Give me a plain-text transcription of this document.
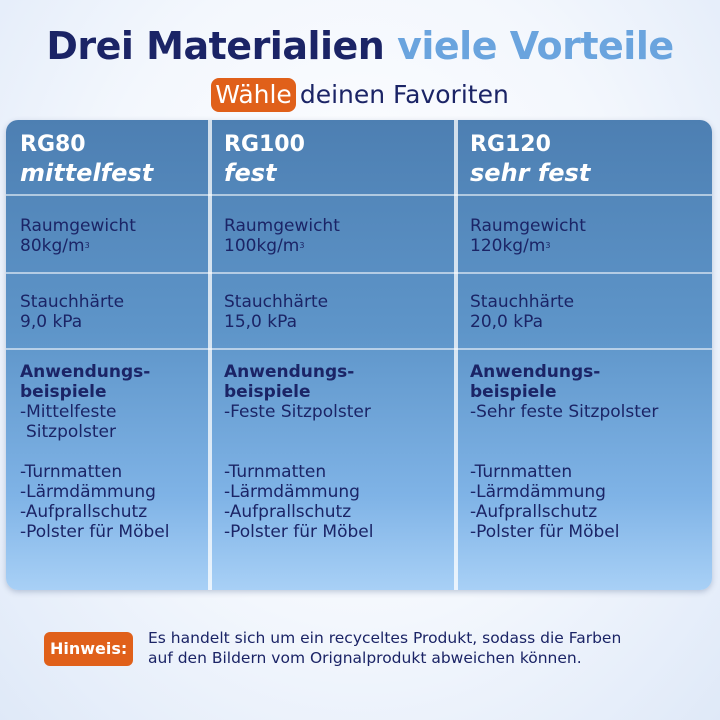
Drei Materialien viele Vorteile
Wähle deinen Favoriten
RG80
mittelfest
Raumgewicht
$80kg/m^3$
Stauchhärte
9,0 kPa
Anwendungs-
beispiele
-Mittelfeste
Sitzpolster
-Turnmatten
-Lärmdämmung
-Aufprallschutz
-Polster für Möbel
RG100
fest
Raumgewicht
$100kg/m^3$
Stauchhärte
15,0 kPa
Anwendungs-
beispiele
-Feste Sitzpolster
-Turnmatten
-Lärmdämmung
-Aufprallschutz
-Polster für Möbel
RG120
sehr fest
Raumgewicht
$120kg/m^3$
Stauchhärte
20,0 kPa
Anwendungs-
beispiele
-Sehr feste Sitzpolster
-Turnmatten
-Lärmdämmung
-Aufprallschutz
-Polster für Möbel
Hinweis:
Es handelt sich um ein recyceltes Produkt, sodass die Farben
auf den Bildern vom Orignalprodukt abweichen können.
